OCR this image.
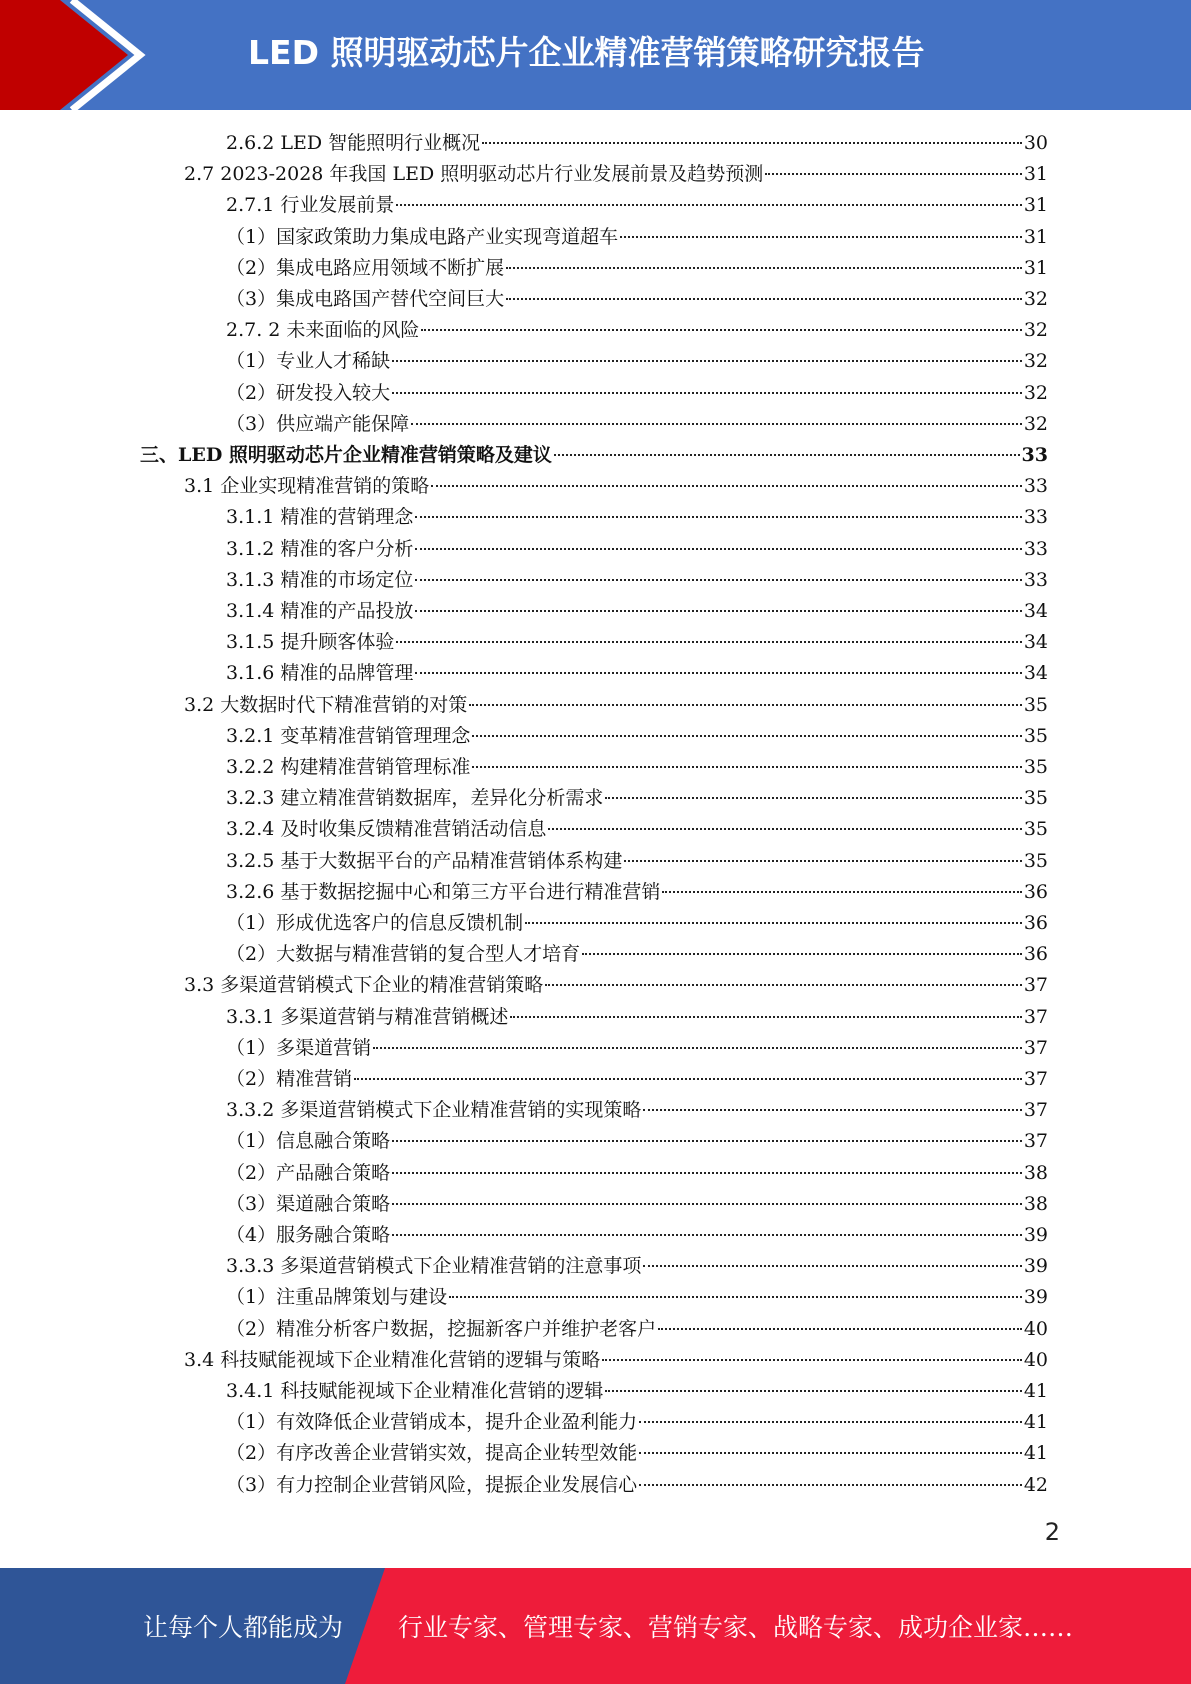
LED 照明驱动芯片企业精准营销策略研究报告
2.6.2 LED 智能照明行业概况	30
2.7 2023-2028 年我国 LED 照明驱动芯片行业发展前景及趋势预测	31
2.7.1 行业发展前景	31
（1）国家政策助力集成电路产业实现弯道超车	31
（2）集成电路应用领域不断扩展	31
（3）集成电路国产替代空间巨大	32
2.7. 2 未来面临的风险	32
（1）专业人才稀缺	32
（2）研发投入较大	32
（3）供应端产能保障	32
三、LED 照明驱动芯片企业精准营销策略及建议	33
3.1 企业实现精准营销的策略	33
3.1.1 精准的营销理念	33
3.1.2 精准的客户分析	33
3.1.3 精准的市场定位	33
3.1.4 精准的产品投放	34
3.1.5 提升顾客体验	34
3.1.6 精准的品牌管理	34
3.2 大数据时代下精准营销的对策	35
3.2.1 变革精准营销管理理念	35
3.2.2 构建精准营销管理标准	35
3.2.3 建立精准营销数据库，差异化分析需求	35
3.2.4 及时收集反馈精准营销活动信息	35
3.2.5 基于大数据平台的产品精准营销体系构建	35
3.2.6 基于数据挖掘中心和第三方平台进行精准营销	36
（1）形成优选客户的信息反馈机制	36
（2）大数据与精准营销的复合型人才培育	36
3.3 多渠道营销模式下企业的精准营销策略	37
3.3.1 多渠道营销与精准营销概述	37
（1）多渠道营销	37
（2）精准营销	37
3.3.2 多渠道营销模式下企业精准营销的实现策略	37
（1）信息融合策略	37
（2）产品融合策略	38
（3）渠道融合策略	38
（4）服务融合策略	39
3.3.3 多渠道营销模式下企业精准营销的注意事项	39
（1）注重品牌策划与建设	39
（2）精准分析客户数据，挖掘新客户并维护老客户	40
3.4 科技赋能视域下企业精准化营销的逻辑与策略	40
3.4.1 科技赋能视域下企业精准化营销的逻辑	41
（1）有效降低企业营销成本，提升企业盈利能力	41
（2）有序改善企业营销实效，提高企业转型效能	41
（3）有力控制企业营销风险，提振企业发展信心	42
2
让每个人都能成为 行业专家、管理专家、营销专家、战略专家、成功企业家……
